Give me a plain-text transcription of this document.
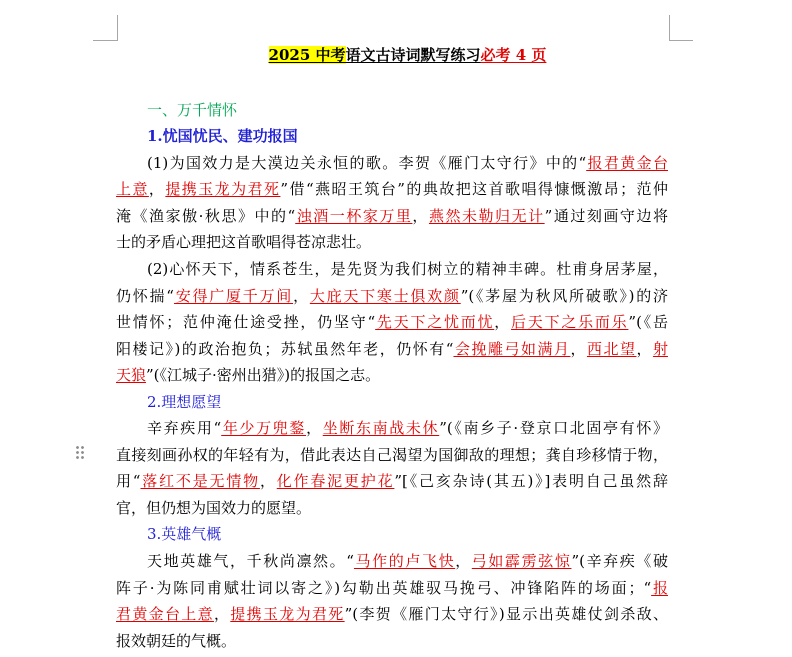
2025 中考语文古诗词默写练习必考 4 页
一、万千情怀
1.忧国忧民、建功报国
(1)为国效力是大漠边关永恒的歌。李贺《雁门太守行》中的“报君黄金台
上意，提携玉龙为君死”借“燕昭王筑台”的典故把这首歌唱得慷慨激昂；范仲
淹《渔家傲·秋思》中的“浊酒一杯家万里，燕然未勒归无计”通过刻画守边将
士的矛盾心理把这首歌唱得苍凉悲壮。
(2)心怀天下，情系苍生，是先贤为我们树立的精神丰碑。杜甫身居茅屋，
仍怀揣“安得广厦千万间，大庇天下寒士俱欢颜”(《茅屋为秋风所破歌》)的济
世情怀；范仲淹仕途受挫，仍坚守“先天下之忧而忧，后天下之乐而乐”(《岳
阳楼记》)的政治抱负；苏轼虽然年老，仍怀有“会挽雕弓如满月，西北望，射
天狼”(《江城子·密州出猎》)的报国之志。
2.理想愿望
辛弃疾用“年少万兜鍪，坐断东南战未休”(《南乡子·登京口北固亭有怀》
直接刻画孙权的年轻有为，借此表达自己渴望为国御敌的理想；龚自珍移情于物，
用“落红不是无情物，化作春泥更护花”[《己亥杂诗(其五)》]表明自己虽然辞
官，但仍想为国效力的愿望。
3.英雄气概
天地英雄气，千秋尚凛然。“马作的卢飞快，弓如霹雳弦惊”(辛弃疾《破
阵子·为陈同甫赋壮词以寄之》)勾勒出英雄驭马挽弓、冲锋陷阵的场面；“报
君黄金台上意，提携玉龙为君死”(李贺《雁门太守行》)显示出英雄仗剑杀敌、
报效朝廷的气概。
